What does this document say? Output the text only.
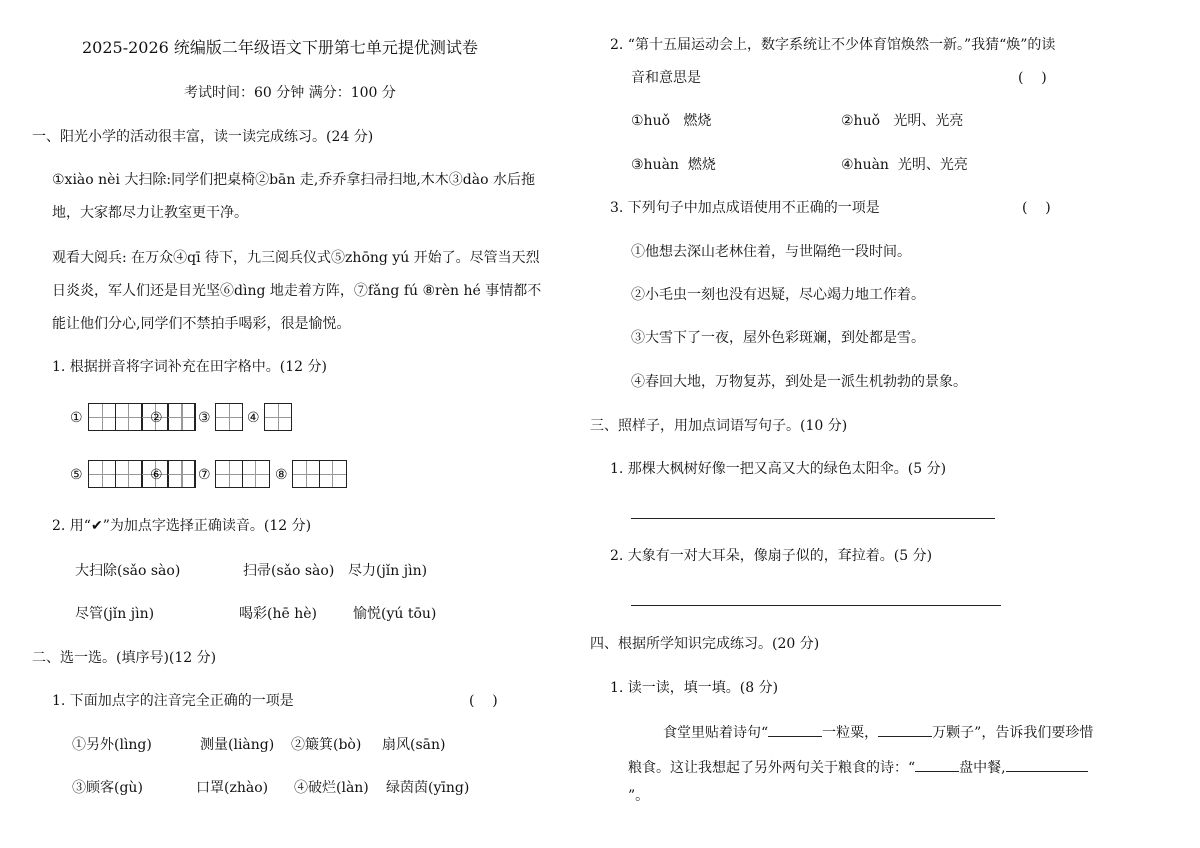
2025-2026 统编版二年级语文下册第七单元提优测试卷
考试时间：60 分钟 满分：100 分
一、阳光小学的活动很丰富，读一读完成练习。(24 分)
①xiào nèi 大扫除:同学们把桌椅②bān 走,乔乔拿扫帚扫地,木木③dào 水后拖
地，大家都尽力让教室更干净。
观看大阅兵: 在万众④qī 待下，九三阅兵仪式⑤zhōng yú 开始了。尽管当天烈
日炎炎，军人们还是目光坚⑥dìng 地走着方阵，⑦fǎng fú ⑧rèn hé 事情都不
能让他们分心,同学们不禁拍手喝彩，很是愉悦。
1. 根据拼音将字词补充在田字格中。(12 分)
①	②	③	④
⑤	⑥	⑦	⑧
2. 用“✔”为加点字选择正确读音。(12 分)
大扫除(sǎo sào)	扫帚(sǎo sào) 尽力(jǐn jìn)
尽管(jǐn jìn)	喝彩(hē hè)	愉悦(yú tōu)
二、选一选。(填序号)(12 分)
1. 下面加点字的注音完全正确的一项是	(    )
①另外(lìng)	测量(liàng) ②簸箕(bò) 扇风(sān)
③顾客(gù)	口罩(zhào) ④破烂(làn) 绿茵茵(yīng)
2. “第十五届运动会上，数字系统让不少体育馆焕然一新。”我猜“焕”的读
音和意思是	(    )
①huǒ   燃烧	②huǒ   光明、光亮
③huàn  燃烧	④huàn  光明、光亮
3. 下列句子中加点成语使用不正确的一项是	(    )
①他想去深山老林住着，与世隔绝一段时间。
②小毛虫一刻也没有迟疑，尽心竭力地工作着。
③大雪下了一夜，屋外色彩斑斓，到处都是雪。
④春回大地，万物复苏，到处是一派生机勃勃的景象。
三、照样子，用加点词语写句子。(10 分)
1. 那棵大枫树好像一把又高又大的绿色太阳伞。(5 分)
2. 大象有一对大耳朵，像扇子似的，耷拉着。(5 分)
四、根据所学知识完成练习。(20 分)
1. 读一读，填一填。(8 分)
食堂里贴着诗句“	一粒粟，	万颗子”，告诉我们要珍惜
粮食。这让我想起了另外两句关于粮食的诗：“	盘中餐,
”。
